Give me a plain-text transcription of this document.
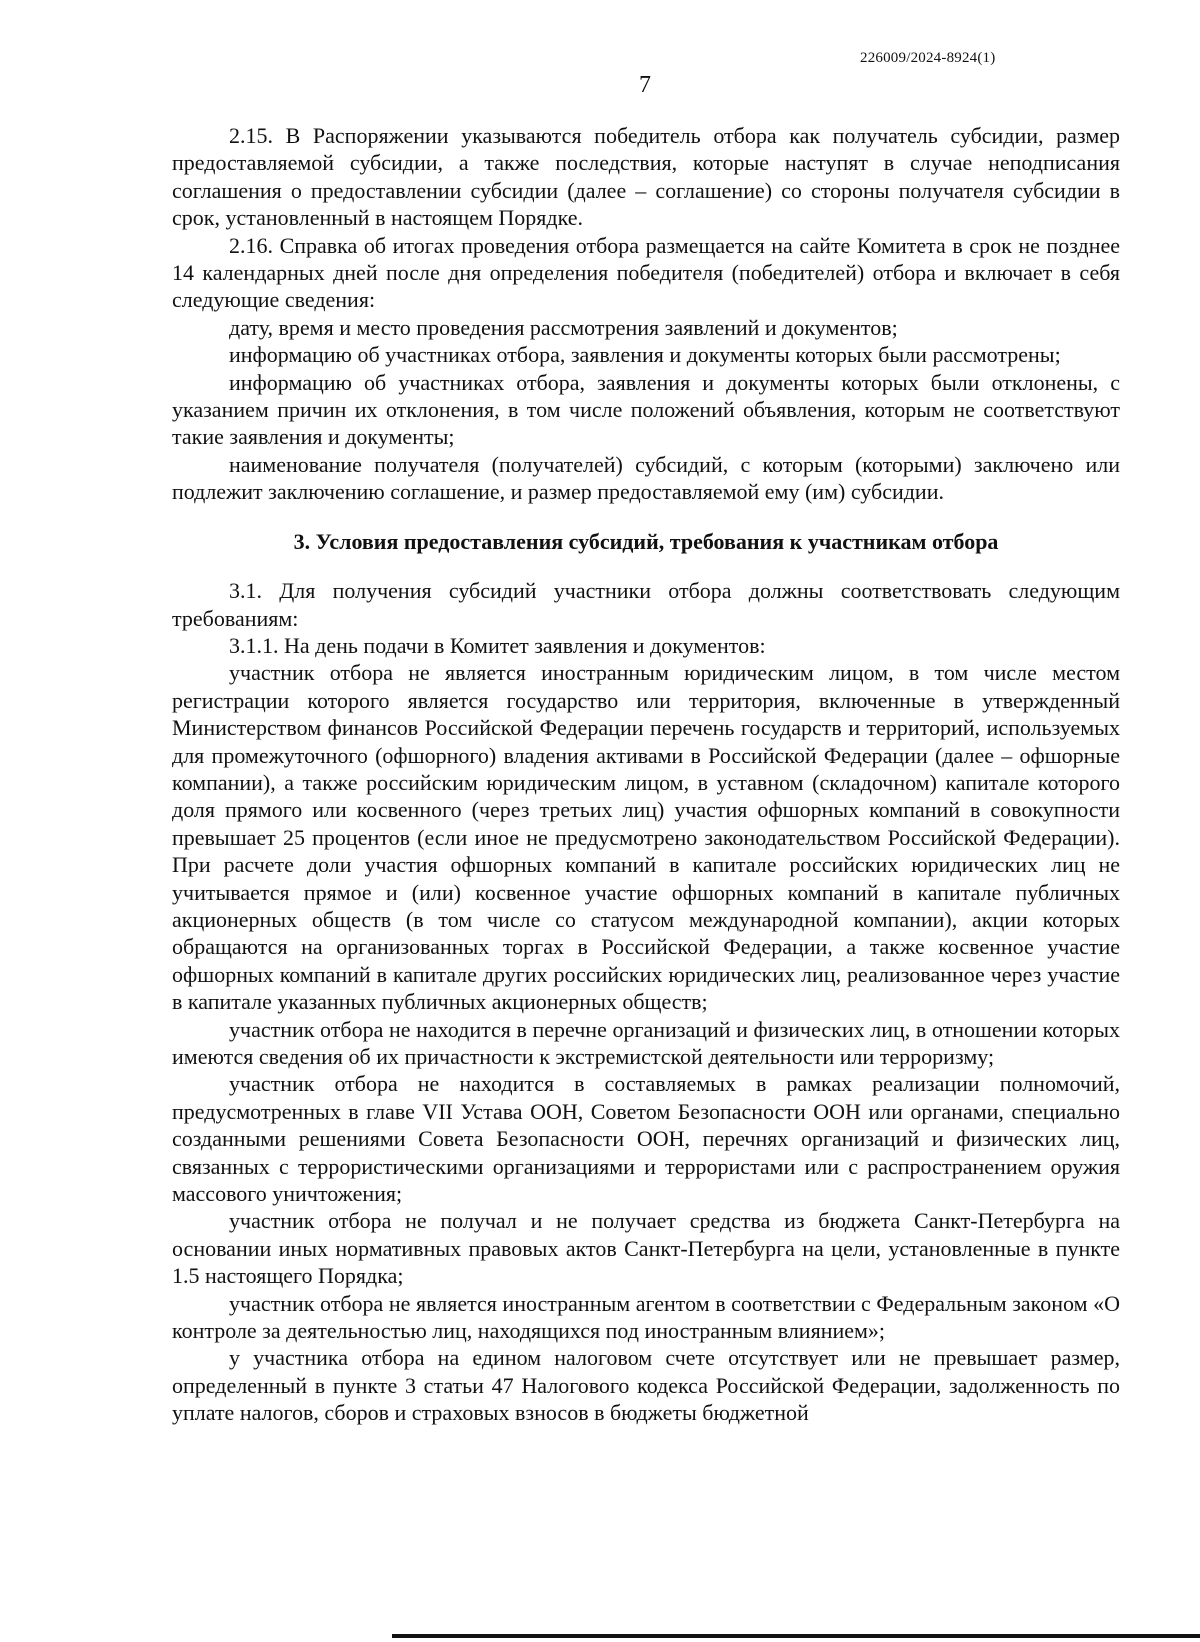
226009/2024-8924(1)
7

2.15. В Распоряжении указываются победитель отбора как получатель субсидии, размер предоставляемой субсидии, а также последствия, которые наступят в случае неподписания соглашения о предоставлении субсидии (далее – соглашение) со стороны получателя субсидии в срок, установленный в настоящем Порядке.

2.16. Справка об итогах проведения отбора размещается на сайте Комитета в срок не позднее 14 календарных дней после дня определения победителя (победителей) отбора и включает в себя следующие сведения:

дату, время и место проведения рассмотрения заявлений и документов;

информацию об участниках отбора, заявления и документы которых были рассмотрены;

информацию об участниках отбора, заявления и документы которых были отклонены, с указанием причин их отклонения, в том числе положений объявления, которым не соответствуют такие заявления и документы;

наименование получателя (получателей) субсидий, с которым (которыми) заключено или подлежит заключению соглашение, и размер предоставляемой ему (им) субсидии.

3. Условия предоставления субсидий, требования к участникам отбора

3.1. Для получения субсидий участники отбора должны соответствовать следующим требованиям:

3.1.1. На день подачи в Комитет заявления и документов:

участник отбора не является иностранным юридическим лицом, в том числе местом регистрации которого является государство или территория, включенные в утвержденный Министерством финансов Российской Федерации перечень государств и территорий, используемых для промежуточного (офшорного) владения активами в Российской Федерации (далее – офшорные компании), а также российским юридическим лицом, в уставном (складочном) капитале которого доля прямого или косвенного (через третьих лиц) участия офшорных компаний в совокупности превышает 25 процентов (если иное не предусмотрено законодательством Российской Федерации). При расчете доли участия офшорных компаний в капитале российских юридических лиц не учитывается прямое и (или) косвенное участие офшорных компаний в капитале публичных акционерных обществ (в том числе со статусом международной компании), акции которых обращаются на организованных торгах в Российской Федерации, а также косвенное участие офшорных компаний в капитале других российских юридических лиц, реализованное через участие в капитале указанных публичных акционерных обществ;

участник отбора не находится в перечне организаций и физических лиц, в отношении которых имеются сведения об их причастности к экстремистской деятельности или терроризму;

участник отбора не находится в составляемых в рамках реализации полномочий, предусмотренных в главе VII Устава ООН, Советом Безопасности ООН или органами, специально созданными решениями Совета Безопасности ООН, перечнях организаций и физических лиц, связанных с террористическими организациями и террористами или с распространением оружия массового уничтожения;

участник отбора не получал и не получает средства из бюджета Санкт-Петербурга на основании иных нормативных правовых актов Санкт-Петербурга на цели, установленные в пункте 1.5 настоящего Порядка;

участник отбора не является иностранным агентом в соответствии с Федеральным законом «О контроле за деятельностью лиц, находящихся под иностранным влиянием»;

у участника отбора на едином налоговом счете отсутствует или не превышает размер, определенный в пункте 3 статьи 47 Налогового кодекса Российской Федерации, задолженность по уплате налогов, сборов и страховых взносов в бюджеты бюджетной
